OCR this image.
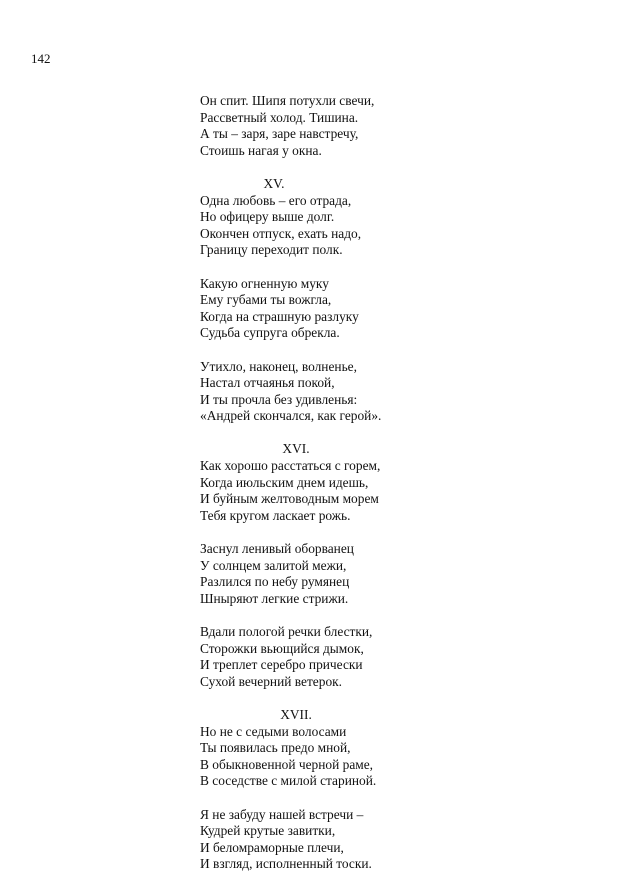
142
Он спит. Шипя потухли свечи,
Рассветный холод. Тишина.
А ты – заря, заре навстречу,
Стоишь нагая у окна.
XV.
Одна любовь – его отрада,
Но офицеру выше долг.
Окончен отпуск, ехать надо,
Границу переходит полк.
Какую огненную муку
Ему губами ты вожгла,
Когда на страшную разлуку
Судьба супруга обрекла.
Утихло, наконец, волненье,
Настал отчаянья покой,
И ты прочла без удивленья:
«Андрей скончался, как герой».
XVI.
Как хорошо расстаться с горем,
Когда июльским днем идешь,
И буйным желтоводным морем
Тебя кругом ласкает рожь.
Заснул ленивый оборванец
У солнцем залитой межи,
Разлился по небу румянец
Шныряют легкие стрижи.
Вдали пологой речки блестки,
Сторожки вьющийся дымок,
И треплет серебро прически
Сухой вечерний ветерок.
XVII.
Но не с седыми волосами
Ты появилась предо мной,
В обыкновенной черной раме,
В соседстве с милой стариной.
Я не забуду нашей встречи –
Кудрей крутые завитки,
И беломраморные плечи,
И взгляд, исполненный тоски.
